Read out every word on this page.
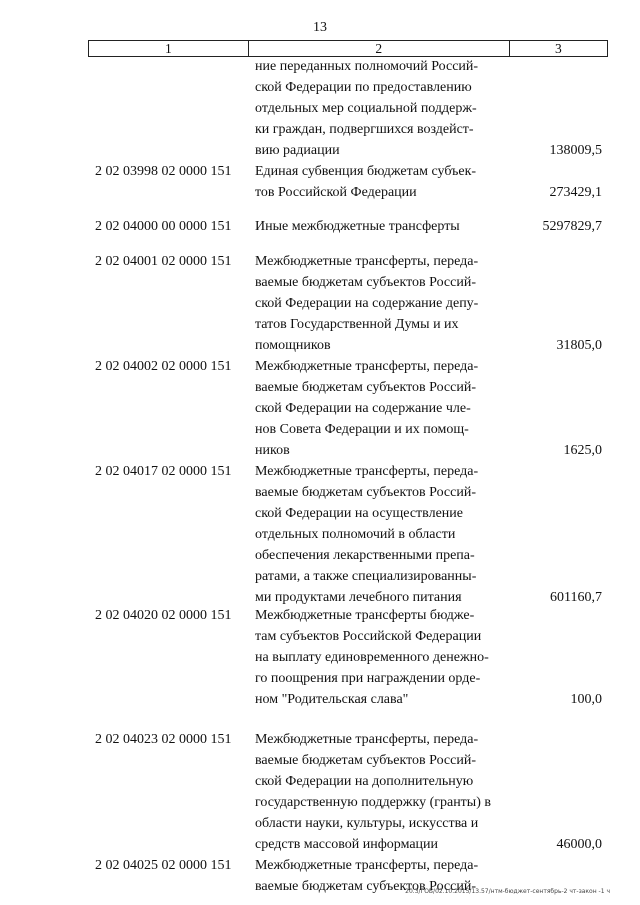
13
1	2	3
ние переданных полномочий Россий-
ской Федерации по предоставлению
отдельных мер социальной поддерж-
ки граждан, подвергшихся воздейст-
вию радиации	138009,5
2 02 03998 02 0000 151 Единая субвенция бюджетам субъек-
тов Российской Федерации	273429,1
2 02 04000 00 0000 151 Иные межбюджетные трансферты	5297829,7
2 02 04001 02 0000 151 Межбюджетные трансферты, переда-
ваемые бюджетам субъектов Россий-
ской Федерации на содержание депу-
татов Государственной Думы и их
помощников	31805,0
2 02 04002 02 0000 151 Межбюджетные трансферты, переда-
ваемые бюджетам субъектов Россий-
ской Федерации на содержание чле-
нов Совета Федерации и их помощ-
ников	1625,0
2 02 04017 02 0000 151 Межбюджетные трансферты, переда-
ваемые бюджетам субъектов Россий-
ской Федерации на осуществление
отдельных полномочий в области
обеспечения лекарственными препа-
ратами, а также специализированны-
ми продуктами лечебного питания	601160,7
2 02 04020 02 0000 151 Межбюджетные трансферты бюдже-
там субъектов Российской Федерации
на выплату единовременного денежно-
го поощрения при награждении орде-
ном "Родительская слава"	100,0
2 02 04023 02 0000 151 Межбюджетные трансферты, переда-
ваемые бюджетам субъектов Россий-
ской Федерации на дополнительную
государственную поддержку (гранты) в
области науки, культуры, искусства и
средств массовой информации	46000,0
2 02 04025 02 0000 151 Межбюджетные трансферты, переда-
ваемые бюджетам субъектов Россий-
20.3/ГОБ/02.10.2015/13.57/нтм-бюджет-сентябрь-2 чт-закон -1 ч
